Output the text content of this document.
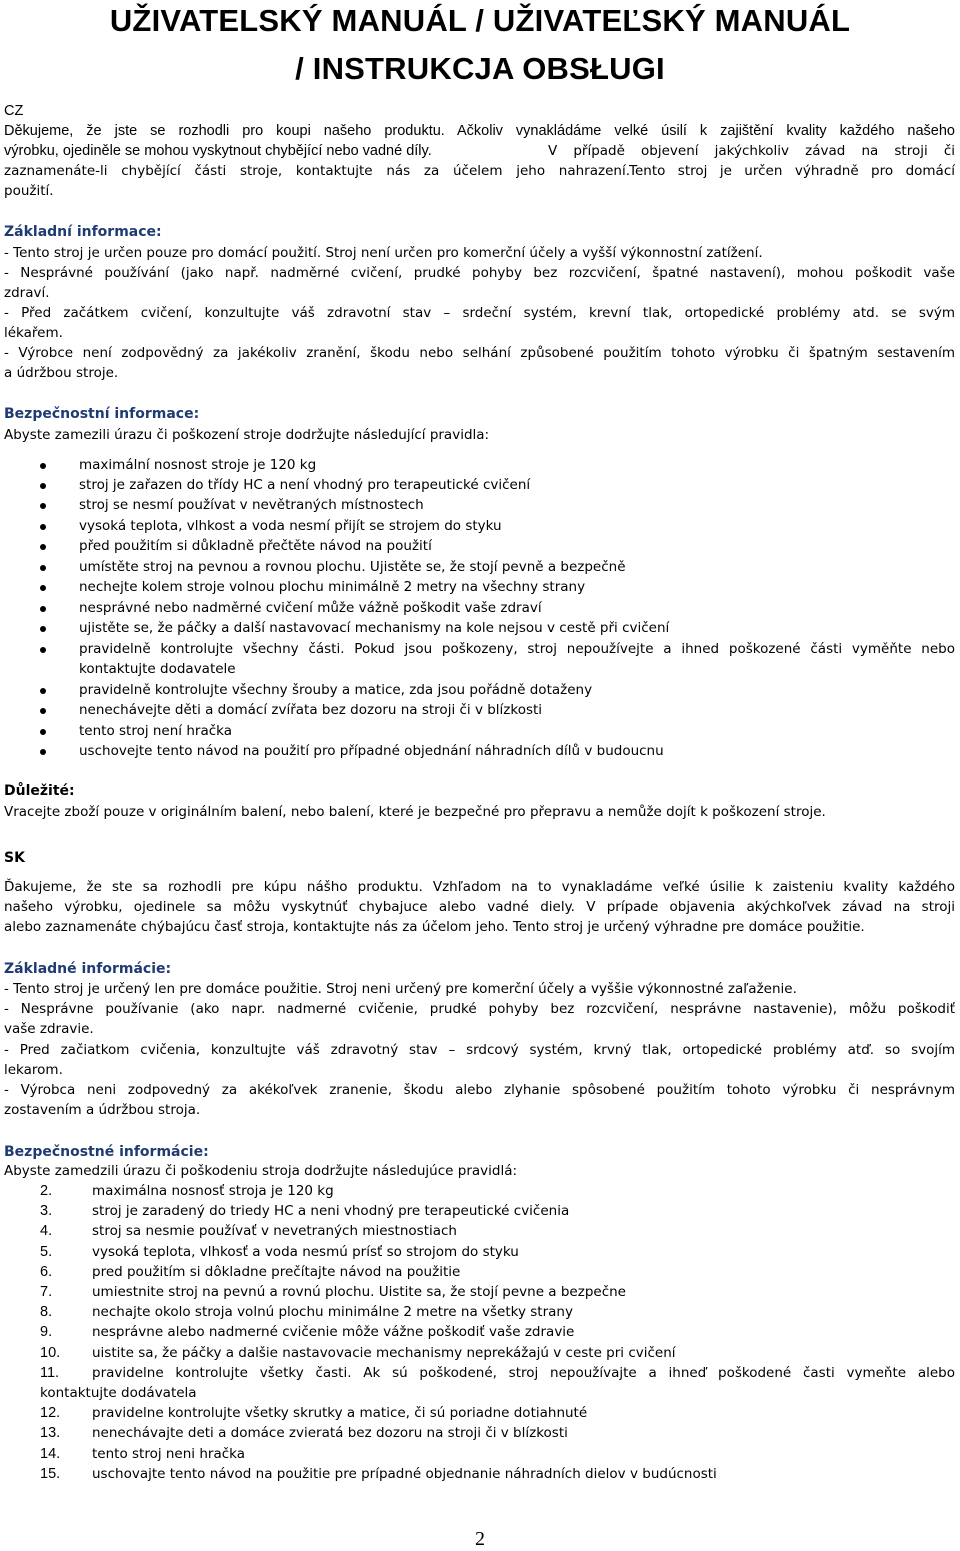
UŽIVATELSKÝ MANUÁL / UŽIVATEĽSKÝ MANUÁL
/ INSTRUKCJA OBSŁUGI
CZ
Děkujeme, že jste se rozhodli pro koupi našeho produktu. Ačkoliv vynakládáme velké úsilí k zajištění kvality každého našeho
výrobku, ojediněle se mohou vyskytnout chybějící nebo vadné díly.	V případě objevení jakýchkoliv závad na stroji či
zaznamenáte-li chybějící části stroje, kontaktujte nás za účelem jeho nahrazení. Tento stroj je určen výhradně pro domácí
použití.
Základní informace:
- Tento stroj je určen pouze pro domácí použití. Stroj není určen pro komerční účely a vyšší výkonnostní zatížení.
- Nesprávné používání (jako např. nadměrné cvičení, prudké pohyby bez rozcvičení, špatné nastavení), mohou poškodit vaše
zdraví.
- Před začátkem cvičení, konzultujte váš zdravotní stav – srdeční systém, krevní tlak, ortopedické problémy atd. se svým
lékařem.
- Výrobce není zodpovědný za jakékoliv zranění, škodu nebo selhání způsobené použitím tohoto výrobku či špatným sestavením
a údržbou stroje.
Bezpečnostní informace:
Abyste zamezili úrazu či poškození stroje dodržujte následující pravidla:
maximální nosnost stroje je 120 kg
stroj je zařazen do třídy HC a není vhodný pro terapeutické cvičení
stroj se nesmí používat v nevětraných místnostech
vysoká teplota, vlhkost a voda nesmí přijít se strojem do styku
před použitím si důkladně přečtěte návod na použití
umístěte stroj na pevnou a rovnou plochu. Ujistěte se, že stojí pevně a bezpečně
nechejte kolem stroje volnou plochu minimálně 2 metry na všechny strany
nesprávné nebo nadměrné cvičení může vážně poškodit vaše zdraví
ujistěte se, že páčky a další nastavovací mechanismy na kole nejsou v cestě při cvičení
pravidelně kontrolujte všechny části. Pokud jsou poškozeny, stroj nepoužívejte a ihned poškozené části vyměňte nebo
kontaktujte dodavatele
pravidelně kontrolujte všechny šrouby a matice, zda jsou pořádně dotaženy
nenechávejte děti a domácí zvířata bez dozoru na stroji či v blízkosti
tento stroj není hračka
uschovejte tento návod na použití pro případné objednání náhradních dílů v budoucnu
Důležité:
Vracejte zboží pouze v originálním balení, nebo balení, které je bezpečné pro přepravu a nemůže dojít k poškození stroje.
SK
Ďakujeme, že ste sa rozhodli pre kúpu nášho produktu. Vzhľadom na to vynakladáme veľké úsilie k zaisteniu kvality každého
našeho výrobku, ojedinele sa môžu vyskytnúť chybajuce alebo vadné diely. V prípade objavenia akýchkoľvek závad na stroji
alebo zaznamenáte chýbajúcu časť stroja, kontaktujte nás za účelom jeho. Tento stroj je určený výhradne pre domáce použitie.
Základné informácie:
- Tento stroj je určený len pre domáce použitie. Stroj neni určený pre komerční účely a vyššie výkonnostné zaľaženie.
- Nesprávne používanie (ako napr. nadmerné cvičenie, prudké pohyby bez rozcvičení, nesprávne nastavenie), môžu poškodiť
vaše zdravie.
- Pred začiatkom cvičenia, konzultujte váš zdravotný stav – srdcový systém, krvný tlak, ortopedické problémy atď. so svojím
lekarom.
- Výrobca neni zodpovedný za akékoľvek zranenie, škodu alebo zlyhanie spôsobené použitím tohoto výrobku či nesprávnym
zostavením a údržbou stroja.
Bezpečnostné informácie:
Abyste zamedzili úrazu či poškodeniu stroja dodržujte následujúce pravidlá:
2.	maximálna nosnosť stroja je 120 kg
3.	stroj je zaradený do triedy HC a neni vhodný pre terapeutické cvičenia
4.	stroj sa nesmie používať v nevetraných miestnostiach
5.	vysoká teplota, vlhkosť a voda nesmú prísť so strojom do styku
6.	pred použitím si dôkladne prečítajte návod na použitie
7.	umiestnite stroj na pevnú a rovnú plochu. Uistite sa, že stojí pevne a bezpečne
8.	nechajte okolo stroja volnú plochu minimálne 2 metre na všetky strany
9.	nesprávne alebo nadmerné cvičenie môže vážne poškodiť vaše zdravie
10. uistite sa, že páčky a dalšie nastavovacie mechanismy neprekážajú v ceste pri cvičení
11. pravidelne kontrolujte všetky časti. Ak sú poškodené, stroj nepoužívajte a ihneď poškodené časti vymeňte alebo
kontaktujte dodávatela
12. pravidelne kontrolujte všetky skrutky a matice, či sú poriadne dotiahnuté
13. nenechávajte deti a domáce zvieratá bez dozoru na stroji či v blízkosti
14. tento stroj neni hračka
15. uschovajte tento návod na použitie pre prípadné objednanie náhradních dielov v budúcnosti
2
